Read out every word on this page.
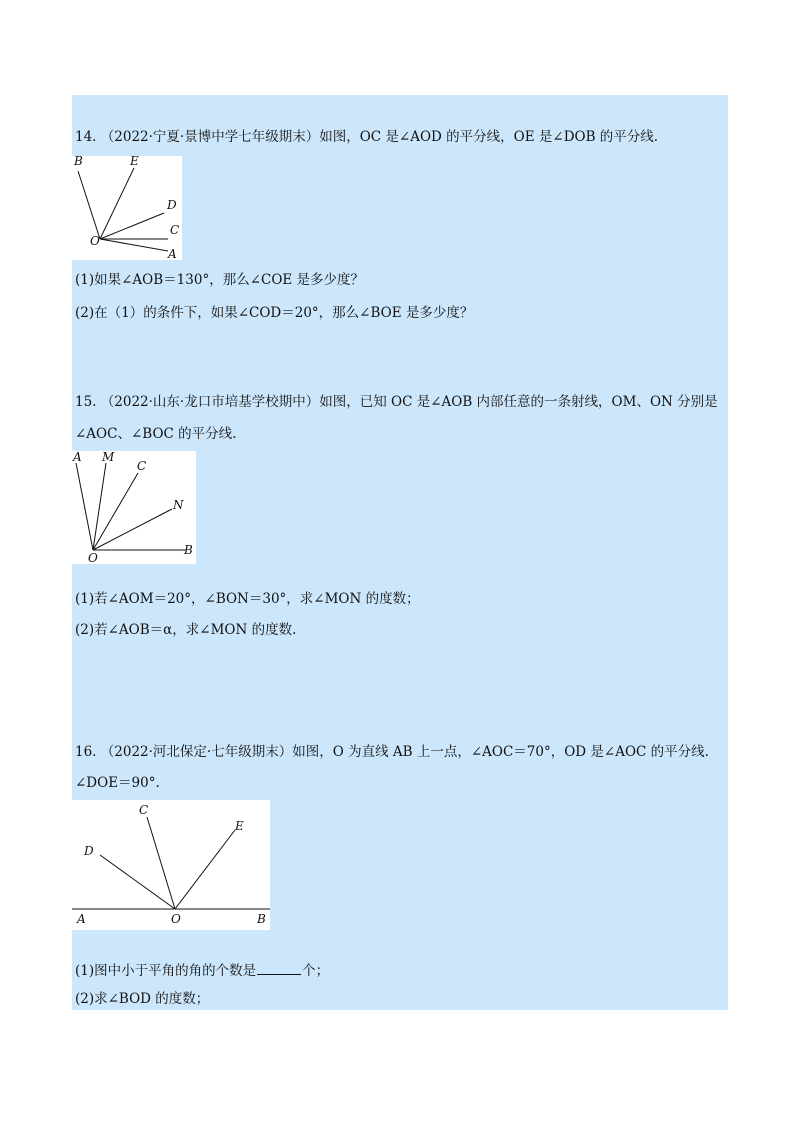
14. （2022·宁夏·景博中学七年级期末）如图，OC 是∠AOD 的平分线，OE 是∠DOB 的平分线.
B	E
D
O
C
A
(1)如果∠AOB＝130°，那么∠COE 是多少度？
(2)在（1）的条件下，如果∠COD＝20°，那么∠BOE 是多少度？
15. （2022·山东·龙口市培基学校期中）如图，已知 OC 是∠AOB 内部任意的一条射线，OM、ON 分别是
∠AOC、∠BOC 的平分线.
A M
C
N
O
B
(1)若∠AOM＝20°，∠BON＝30°，求∠MON 的度数；
(2)若∠AOB＝α，求∠MON 的度数.
16. （2022·河北保定·七年级期末）如图，O 为直线 AB 上一点，∠AOC＝70°，OD 是∠AOC 的平分线.
∠DOE＝90°.
C
E
D
A	O	B
(1)图中小于平角的角的个数是	个；
(2)求∠BOD 的度数；
